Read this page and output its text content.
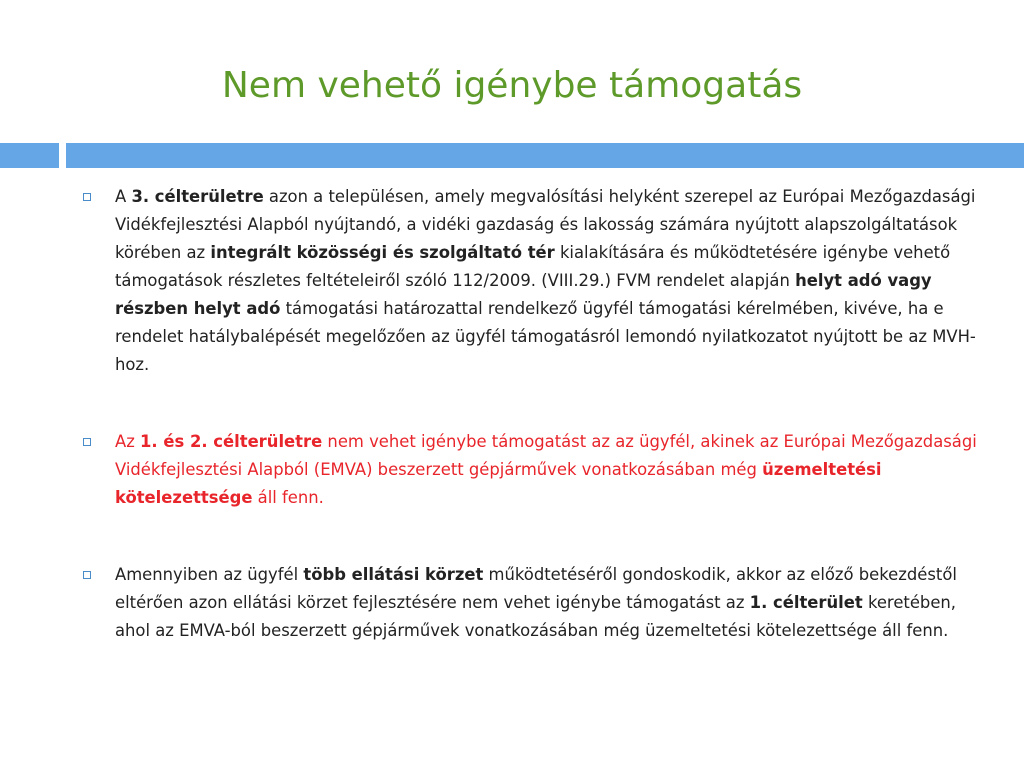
Nem vehető igénybe támogatás

A 3. célterületre azon a településen, amely megvalósítási helyként szerepel az Európai Mezőgazdasági Vidékfejlesztési Alapból nyújtandó, a vidéki gazdaság és lakosság számára nyújtott alapszolgáltatások körében az integrált közösségi és szolgáltató tér kialakítására és működtetésére igénybe vehető támogatások részletes feltételeiről szóló 112/2009. (VIII.29.) FVM rendelet alapján helyt adó vagy részben helyt adó támogatási határozattal rendelkező ügyfél támogatási kérelmében, kivéve, ha e rendelet hatálybalépését megelőzően az ügyfél támogatásról lemondó nyilatkozatot nyújtott be az MVH-hoz.

Az 1. és 2. célterületre nem vehet igénybe támogatást az az ügyfél, akinek az Európai Mezőgazdasági Vidékfejlesztési Alapból (EMVA) beszerzett gépjárművek vonatkozásában még üzemeltetési kötelezettsége áll fenn.

Amennyiben az ügyfél több ellátási körzet működtetéséről gondoskodik, akkor az előző bekezdéstől eltérően azon ellátási körzet fejlesztésére nem vehet igénybe támogatást az 1. célterület keretében, ahol az EMVA-ból beszerzett gépjárművek vonatkozásában még üzemeltetési kötelezettsége áll fenn.
